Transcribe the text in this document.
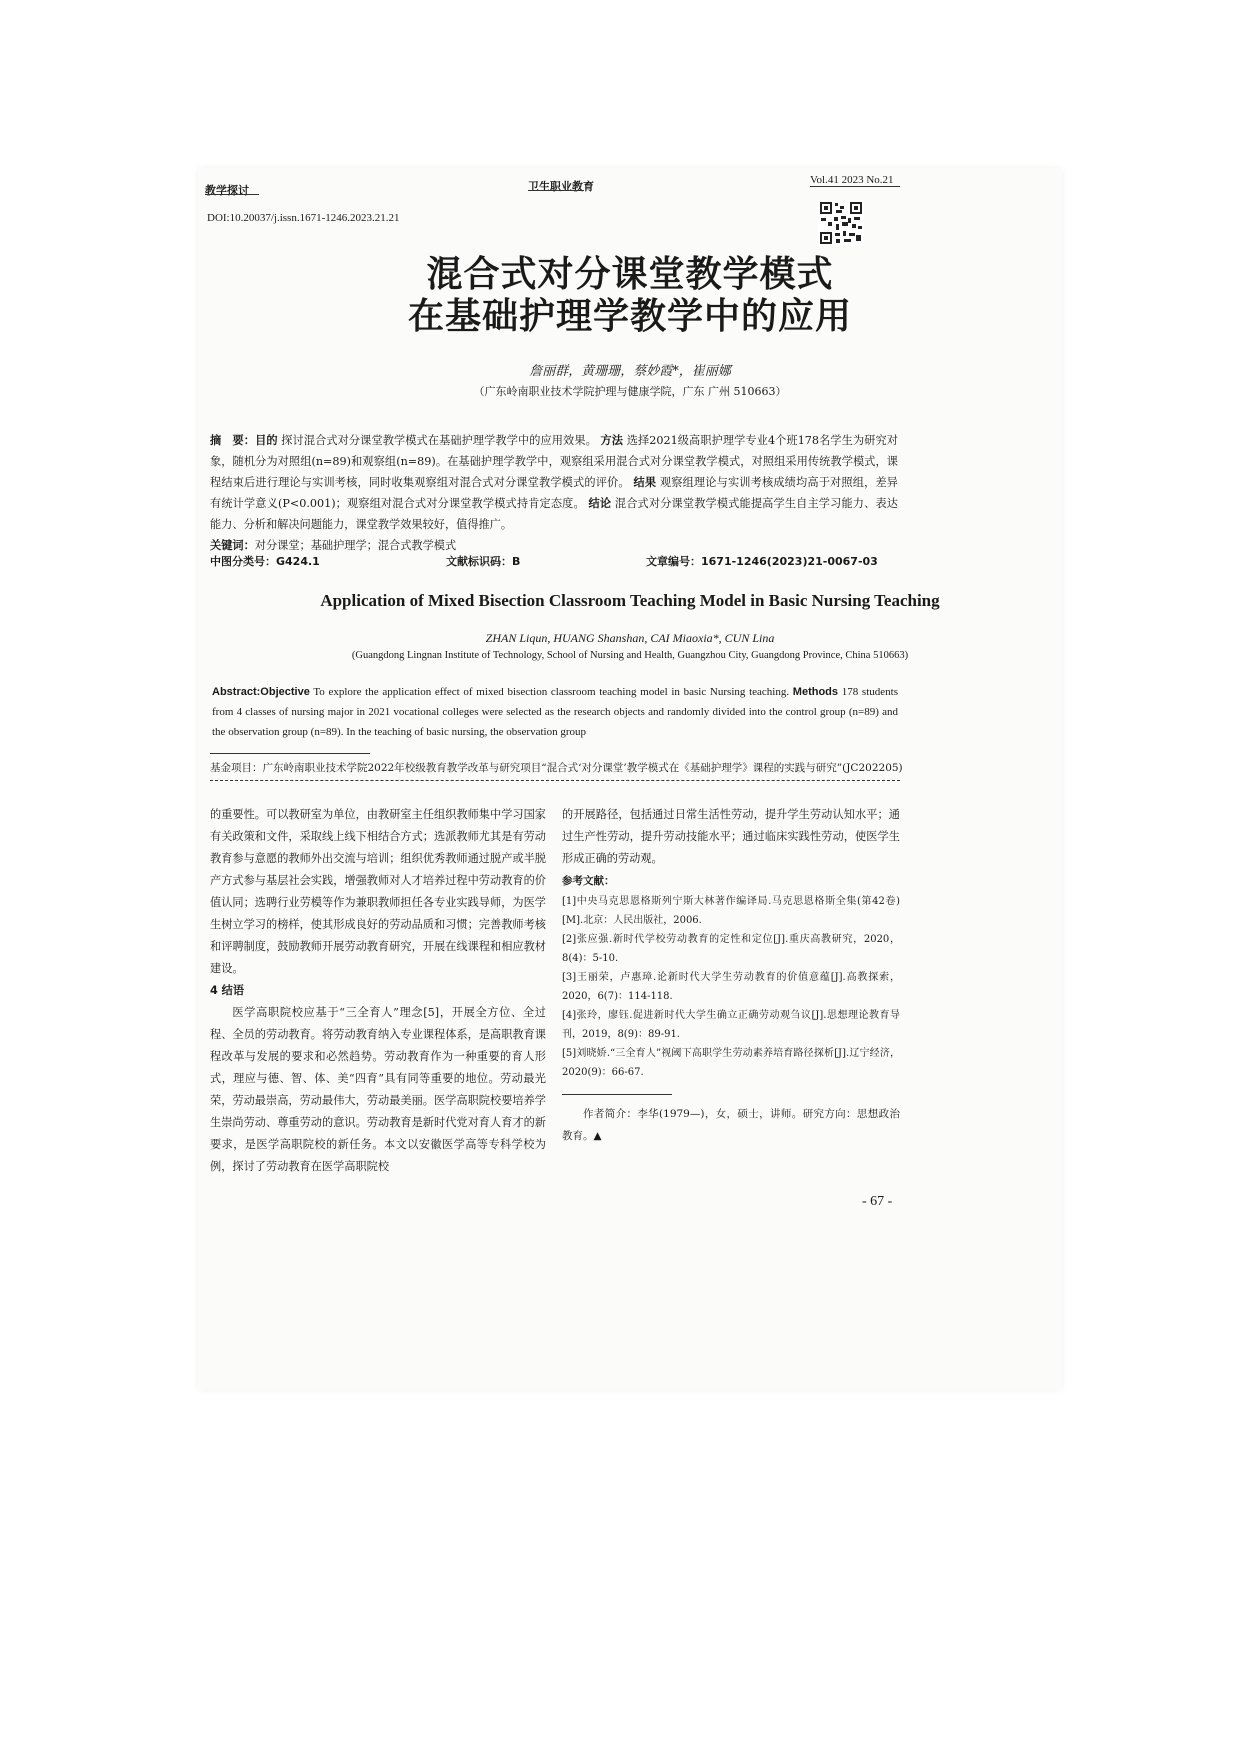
教学探讨	卫生职业教育	Vol.41 2023 No.21
DOI:10.20037/j.issn.1671-1246.2023.21.21
混合式对分课堂教学模式
在基础护理学教学中的应用
詹丽群，黄珊珊，蔡妙霞*，崔丽娜
（广东岭南职业技术学院护理与健康学院，广东 广州 510663）
摘　要：目的 探讨混合式对分课堂教学模式在基础护理学教学中的应用效果。 方法 选择2021级高职护理学专业4个班178名学生为研究对象，随机分为对照组(n=89)和观察组(n=89)。在基础护理学教学中，观察组采用混合式对分课堂教学模式，对照组采用传统教学模式，课程结束后进行理论与实训考核，同时收集观察组对混合式对分课堂教学模式的评价。 结果 观察组理论与实训考核成绩均高于对照组，差异有统计学意义(P<0.001)；观察组对混合式对分课堂教学模式持肯定态度。 结论 混合式对分课堂教学模式能提高学生自主学习能力、表达能力、分析和解决问题能力，课堂教学效果较好，值得推广。
关键词：对分课堂；基础护理学；混合式教学模式
中图分类号：G424.1	文献标识码：B	文章编号：1671-1246(2023)21-0067-03
Application of Mixed Bisection Classroom Teaching Model in Basic Nursing Teaching
ZHAN Liqun, HUANG Shanshan, CAI Miaoxia*, CUN Lina
(Guangdong Lingnan Institute of Technology, School of Nursing and Health, Guangzhou City, Guangdong Province, China 510663)
Abstract:Objective To explore the application effect of mixed bisection classroom teaching model in basic Nursing teaching. Methods 178 students from 4 classes of nursing major in 2021 vocational colleges were selected as the research objects and randomly divided into the control group (n=89) and the observation group (n=89). In the teaching of basic nursing, the observation group
基金项目：广东岭南职业技术学院2022年校级教育教学改革与研究项目“混合式‘对分课堂’教学模式在《基础护理学》课程的实践与研究”(JC202205)

的重要性。可以教研室为单位，由教研室主任组织教师集中学习国家有关政策和文件，采取线上线下相结合方式；选派教师尤其是有劳动教育参与意愿的教师外出交流与培训；组织优秀教师通过脱产或半脱产方式参与基层社会实践，增强教师对人才培养过程中劳动教育的价值认同；选聘行业劳模等作为兼职教师担任各专业实践导师，为医学生树立学习的榜样，使其形成良好的劳动品质和习惯；完善教师考核和评聘制度，鼓励教师开展劳动教育研究，开展在线课程和相应教材建设。

4 结语

医学高职院校应基于“三全育人”理念[5]，开展全方位、全过程、全员的劳动教育。将劳动教育纳入专业课程体系，是高职教育课程改革与发展的要求和必然趋势。劳动教育作为一种重要的育人形式，理应与德、智、体、美“四育”具有同等重要的地位。劳动最光荣，劳动最崇高，劳动最伟大，劳动最美丽。医学高职院校要培养学生崇尚劳动、尊重劳动的意识。劳动教育是新时代党对育人育才的新要求，是医学高职院校的新任务。本文以安徽医学高等专科学校为例，探讨了劳动教育在医学高职院校

的开展路径，包括通过日常生活性劳动，提升学生劳动认知水平；通过生产性劳动，提升劳动技能水平；通过临床实践性劳动，使医学生形成正确的劳动观。

参考文献：

[1]中央马克思恩格斯列宁斯大林著作编译局.马克思恩格斯全集(第42卷)[M].北京：人民出版社，2006.
[2]张应强.新时代学校劳动教育的定性和定位[J].重庆高教研究，2020，8(4)：5-10.
[3]王丽荣，卢惠璋.论新时代大学生劳动教育的价值意蕴[J].高教探索，2020，6(7)：114-118.
[4]张玲，廖钰.促进新时代大学生确立正确劳动观刍议[J].思想理论教育导刊，2019，8(9)：89-91.
[5]刘晓娇.“三全育人”视阈下高职学生劳动素养培育路径探析[J].辽宁经济，2020(9)：66-67.

作者简介：李华(1979—)，女，硕士，讲师。研究方向：思想政治教育。▲

- 67 -
